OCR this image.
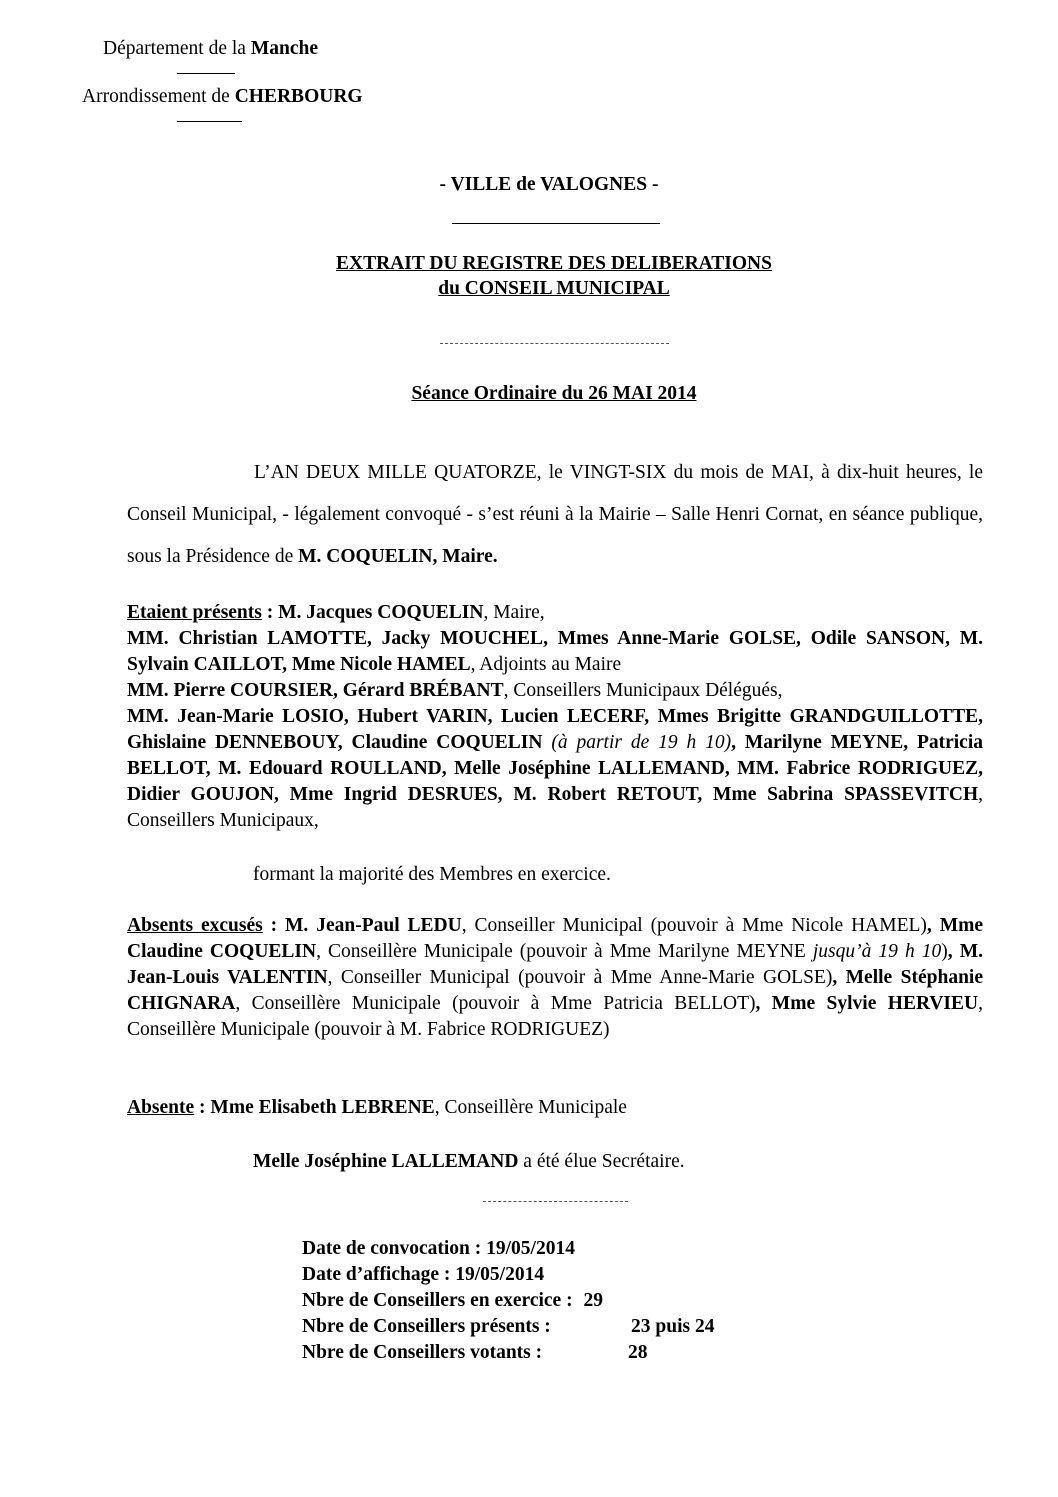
Département de la Manche
Arrondissement de CHERBOURG
- VILLE de VALOGNES -
EXTRAIT DU REGISTRE DES DELIBERATIONS
du CONSEIL MUNICIPAL
Séance Ordinaire du 26 MAI 2014
L’AN DEUX MILLE QUATORZE, le VINGT-SIX du mois de MAI, à dix-huit heures, le Conseil Municipal, - légalement convoqué - s’est réuni à la Mairie – Salle Henri Cornat, en séance publique, sous la Présidence de M. COQUELIN, Maire.
Etaient présents : M. Jacques COQUELIN, Maire,
MM. Christian LAMOTTE, Jacky MOUCHEL, Mmes Anne-Marie GOLSE, Odile SANSON, M. Sylvain CAILLOT, Mme Nicole HAMEL, Adjoints au Maire
MM. Pierre COURSIER, Gérard BRÉBANT, Conseillers Municipaux Délégués,
MM. Jean-Marie LOSIO, Hubert VARIN, Lucien LECERF, Mmes Brigitte GRANDGUILLOTTE, Ghislaine DENNEBOUY, Claudine COQUELIN (à partir de 19 h 10), Marilyne MEYNE, Patricia BELLOT, M. Edouard ROULLAND, Melle Joséphine LALLEMAND, MM. Fabrice RODRIGUEZ, Didier GOUJON, Mme Ingrid DESRUES, M. Robert RETOUT, Mme Sabrina SPASSEVITCH, Conseillers Municipaux,
formant la majorité des Membres en exercice.
Absents excusés : M. Jean-Paul LEDU, Conseiller Municipal (pouvoir à Mme Nicole HAMEL), Mme Claudine COQUELIN, Conseillère Municipale (pouvoir à Mme Marilyne MEYNE jusqu’à 19 h 10), M. Jean-Louis VALENTIN, Conseiller Municipal (pouvoir à Mme Anne-Marie GOLSE), Melle Stéphanie CHIGNARA, Conseillère Municipale (pouvoir à Mme Patricia BELLOT), Mme Sylvie HERVIEU, Conseillère Municipale (pouvoir à M. Fabrice RODRIGUEZ)
Absente : Mme Elisabeth LEBRENE, Conseillère Municipale
Melle Joséphine LALLEMAND a été élue Secrétaire.
Date de convocation : 19/05/2014
Date d’affichage : 19/05/2014
Nbre de Conseillers en exercice : 29
Nbre de Conseillers présents :	23 puis 24
Nbre de Conseillers votants :	28
